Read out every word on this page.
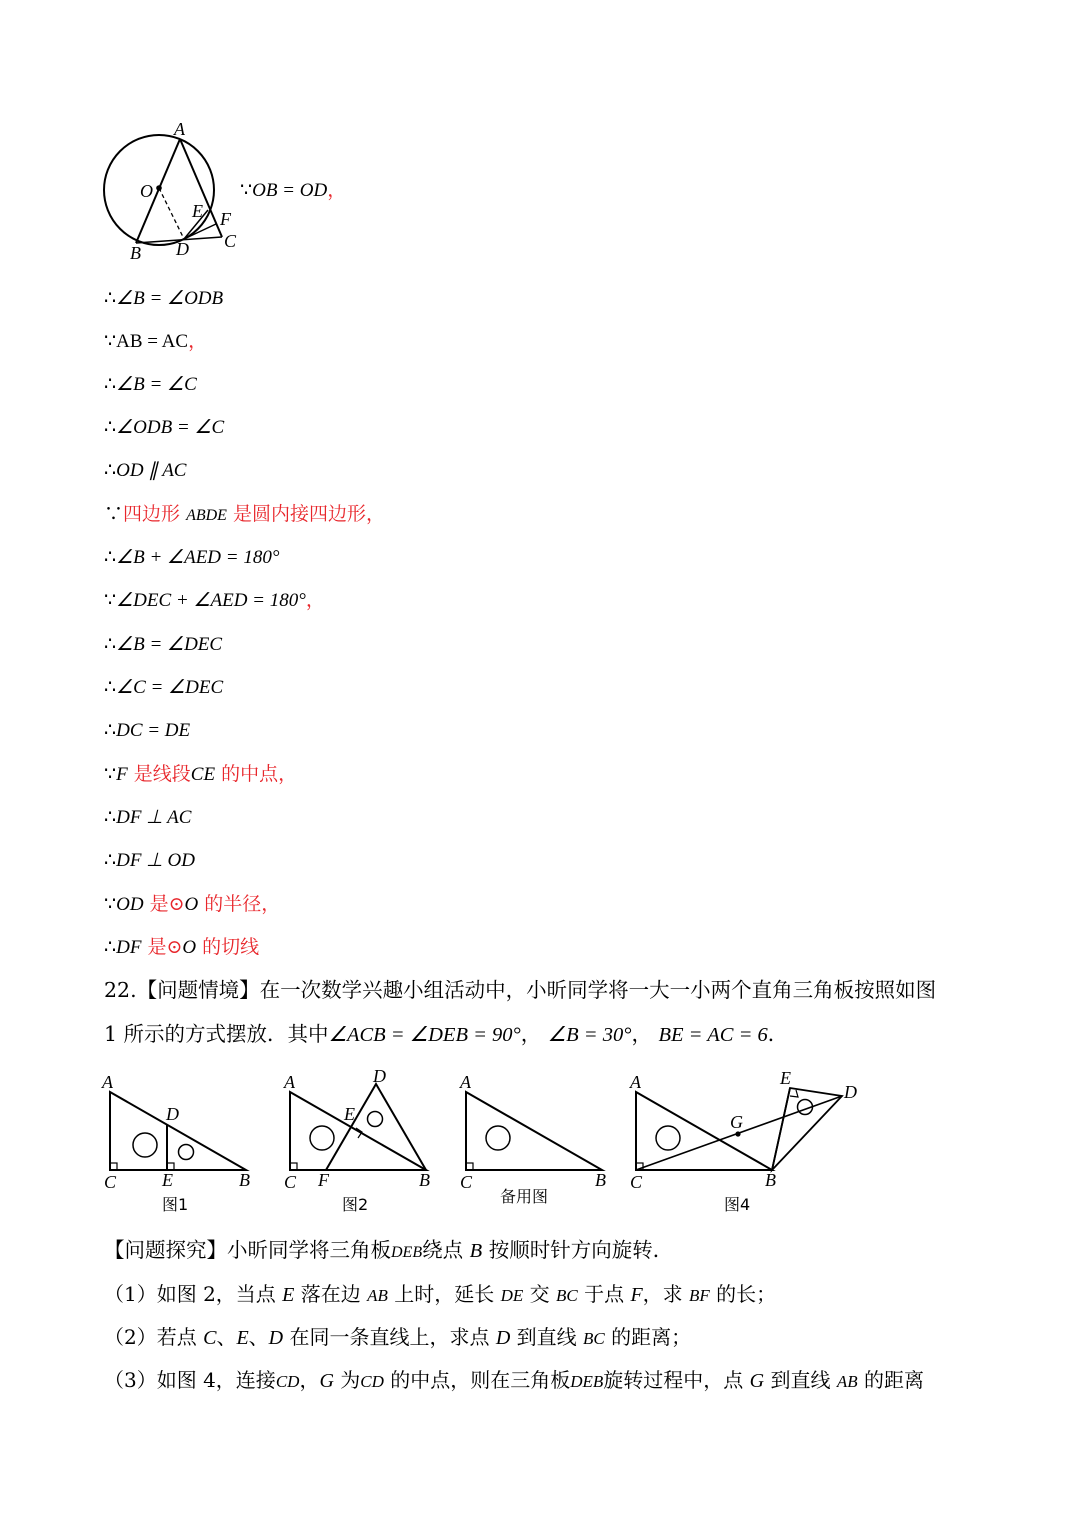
A
O
E F
B D C
∵OB = OD，
∴∠B = ∠ODB
∵AB = AC，
∴∠B = ∠C
∴∠ODB = ∠C
∴OD ∥ AC
∵四边形 ABDE 是圆内接四边形，
∴∠B + ∠AED = 180°
∵∠DEC + ∠AED = 180°，
∴∠B = ∠DEC
∴∠C = ∠DEC
∴DC = DE
∵F 是线段CE 的中点，
∴DF ⊥ AC
∴DF ⊥ OD
∵OD 是⊙O 的半径，
∴DF 是⊙O 的切线
22.【问题情境】在一次数学兴趣小组活动中，小昕同学将一大一小两个直角三角板按照如图
1 所示的方式摆放．其中∠ACB = ∠DEB = 90°， ∠B = 30°， BE = AC = 6．
A
D
C	E	B
图1
A	D
E
C F	B
图2
A
C	B
备用图
A	E
D
G
C	B
图4
【问题探究】小昕同学将三角板DEB绕点 B 按顺时针方向旋转．
（1）如图 2，当点 E 落在边 AB 上时，延长 DE 交 BC 于点 F，求 BF 的长；
（2）若点 C、E、D 在同一条直线上，求点 D 到直线 BC 的距离；
（3）如图 4，连接CD，G 为CD 的中点，则在三角板DEB旋转过程中，点 G 到直线 AB 的距离
